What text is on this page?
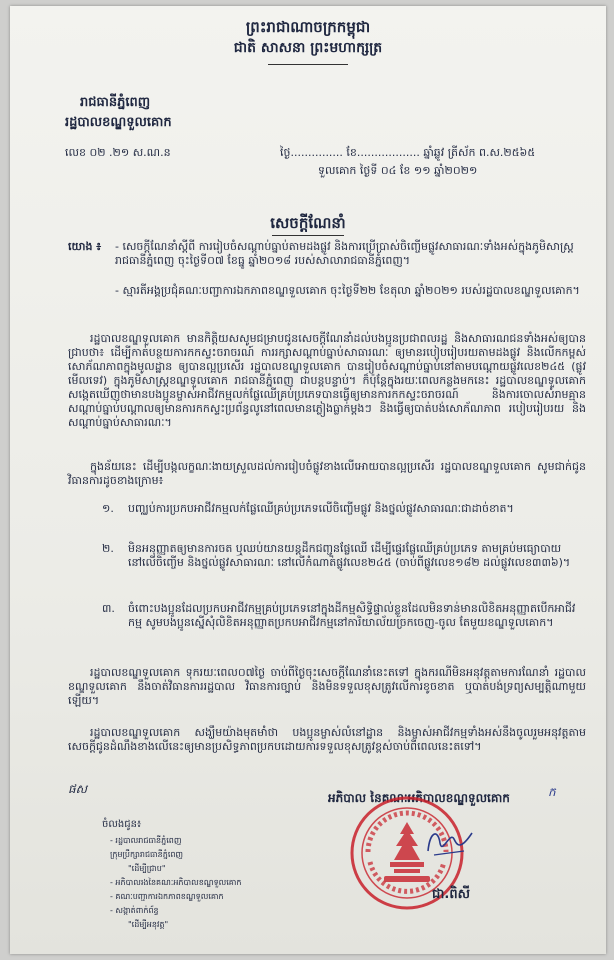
ព្រះរាជាណាចក្រកម្ពុជា
ជាតិ សាសនា ព្រះមហាក្សត្រ
រាជធានីភ្នំពេញ
រដ្ឋបាលខណ្ឌទួលគោក
លេខ ០២ .២១ ស.ណ.ន	ថ្ងៃ............... ខែ.................. ឆ្នាំឆ្លូវ ត្រីស័ក ព.ស.២៥៦៥
ទួលគោក ថ្ងៃទី ០៤ ខែ ១១ ឆ្នាំ២០២១
សេចក្តីណែនាំ
យោង ៖ - សេចក្តីណែនាំស្តីពី ការរៀបចំសណ្តាប់ធ្នាប់តាមដងផ្លូវ និងការប្រើប្រាស់ចិញ្ចើមផ្លូវសាធារណៈទាំងអស់ក្នុងភូមិសាស្ត្ររាជធានីភ្នំពេញ ចុះថ្ងៃទី០៧ ខែធ្នូ ឆ្នាំ២០១៨ របស់សាលារាជធានីភ្នំពេញ។
- ស្មារតីអង្គប្រជុំគណៈបញ្ជាការឯកភាពខណ្ឌទួលគោក ចុះថ្ងៃទី២២ ខែតុលា ឆ្នាំ២០២១ របស់រដ្ឋបាលខណ្ឌទួលគោក។
រដ្ឋបាលខណ្ឌទួលគោក មានកិត្តិយសសូមជម្រាបជូនសេចក្តីណែនាំដល់បងប្អូនប្រជាពលរដ្ឋ និងសាធារណជនទាំងអស់ឲ្យបានជ្រាបថា៖ ដើម្បីកាត់បន្ថយការកកស្ទះចរាចរណ៍ ការរក្សាសណ្តាប់ធ្នាប់សាធារណៈ ឲ្យមានរបៀបរៀបរយតាមដងផ្លូវ និងលើកកម្ពស់សោភ័ណភាពក្នុងមូលដ្ឋាន ឲ្យបានល្អប្រសើរ រដ្ឋបាលខណ្ឌទួលគោក បានរៀបចំសណ្តាប់ធ្នាប់នៅតាមបណ្តោយផ្លូវលេខ២៤៥ (ផ្លូវមើលទេវ) ក្នុងភូមិសាស្ត្រខណ្ឌទួលគោក រាជធានីភ្នំពេញ ជាបន្តបន្ទាប់។ ក៏ប៉ុន្តែក្នុងរយៈពេលកន្លងមកនេះ រដ្ឋបាលខណ្ឌទួលគោក សង្កេតឃើញថាមានបងប្អូនម្ចាស់អាជីវកម្មលក់ផ្លែឈើគ្រប់ប្រភេទបានធ្វើឲ្យមានការកកស្ទះចរាចរណ៍ និងការចោលសំរាមគ្មានសណ្តាប់ធ្នាប់បណ្តាលឲ្យមានការកកស្ទះប្រព័ន្ធលូនៅពេលមានភ្លៀងធ្លាក់ម្តងៗ និងធ្វើឲ្យបាត់បង់សោភ័ណភាព របៀបរៀបរយ និងសណ្តាប់ធ្នាប់សាធារណៈ។
ក្នុងន័យនេះ ដើម្បីបង្កលក្ខណៈងាយស្រួលដល់ការរៀបចំផ្លូវខាងលើអោយបានល្អប្រសើរ រដ្ឋបាលខណ្ឌទួលគោក សូមជាក់ជូនវិធានការដូចខាងក្រោម៖
១.	បញ្ឈប់ការប្រកបអាជីវកម្មលក់ផ្លែឈើគ្រប់ប្រភេទលើចិញ្ចើមផ្លូវ និងថ្នល់ផ្លូវសាធារណៈជាដាច់ខាត។
២.	មិនអនុញ្ញាតឲ្យមានការចត ឬឈប់យានយន្តដឹកជញ្ជូនផ្លែឈើ ដើម្បីផ្ទេរផ្លែឈើគ្រប់ប្រភេទ តាមគ្រប់មធ្យោបាយនៅលើចិញ្ចើម និងថ្នល់ផ្លូវសាធារណៈ នៅលើកំណាត់ផ្លូវលេខ២៤៥ (ចាប់ពីផ្លូវលេខ១៨២ ដល់ផ្លូវលេខ៣៣៦)។
៣.	ចំពោះបងប្អូនដែលប្រកបអាជីវកម្មគ្រប់ប្រភេទនៅក្នុងដីកម្មសិទ្ធិផ្ទាល់ខ្លួនដែលមិនទាន់មានលិខិតអនុញ្ញាតបើកអាជីវកម្ម សូមបងប្អូនស្នើសុំលិខិតអនុញ្ញាតប្រកបអាជីវកម្មនៅការិយាល័យច្រកចេញ-ចូល តែមួយខណ្ឌទួលគោក។
រដ្ឋបាលខណ្ឌទួលគោក ទុករយៈពេល០៧ថ្ងៃ ចាប់ពីថ្ងៃចុះសេចក្តីណែនាំនេះតទៅ ក្នុងករណីមិនអនុវត្តតាមការណែនាំ រដ្ឋបាលខណ្ឌទួលគោក នឹងចាត់វិធានការរដ្ឋបាល វិធានការច្បាប់ និងមិនទទួលខុសត្រូវលើការខូចខាត ឬបាត់បង់ទ្រព្យសម្បត្តិណាមួយឡើយ។
រដ្ឋបាលខណ្ឌទួលគោក សង្ឃឹមយ៉ាងមុតមាំថា បងប្អូនម្ចាស់លំនៅដ្ឋាន និងម្ចាស់អាជីវកម្មទាំងអស់នឹងចូលរួមអនុវត្តតាមសេចក្តីជូនដំណឹងខាងលើនេះឲ្យមានប្រសិទ្ធភាពប្រកបដោយការទទួលខុសត្រូវខ្ពស់ចាប់ពីពេលនេះតទៅ។
ផស
អភិបាល នៃគណៈអភិបាលខណ្ឌទួលគោក	ក
ជា.ពិសី
ចំលងជូន៖
- រដ្ឋបាលរាជធានីភ្នំពេញ
ក្រុមប្រឹក្សារាជធានីភ្នំពេញ
"ដើម្បីជ្រាប"
- អភិបាលរងនៃគណៈអភិបាលខណ្ឌទួលគោក
- គណៈបញ្ជាការឯកភាពខណ្ឌទួលគោក
- សង្កាត់ពាក់ព័ន្ធ
"ដើម្បីអនុវត្ត"
